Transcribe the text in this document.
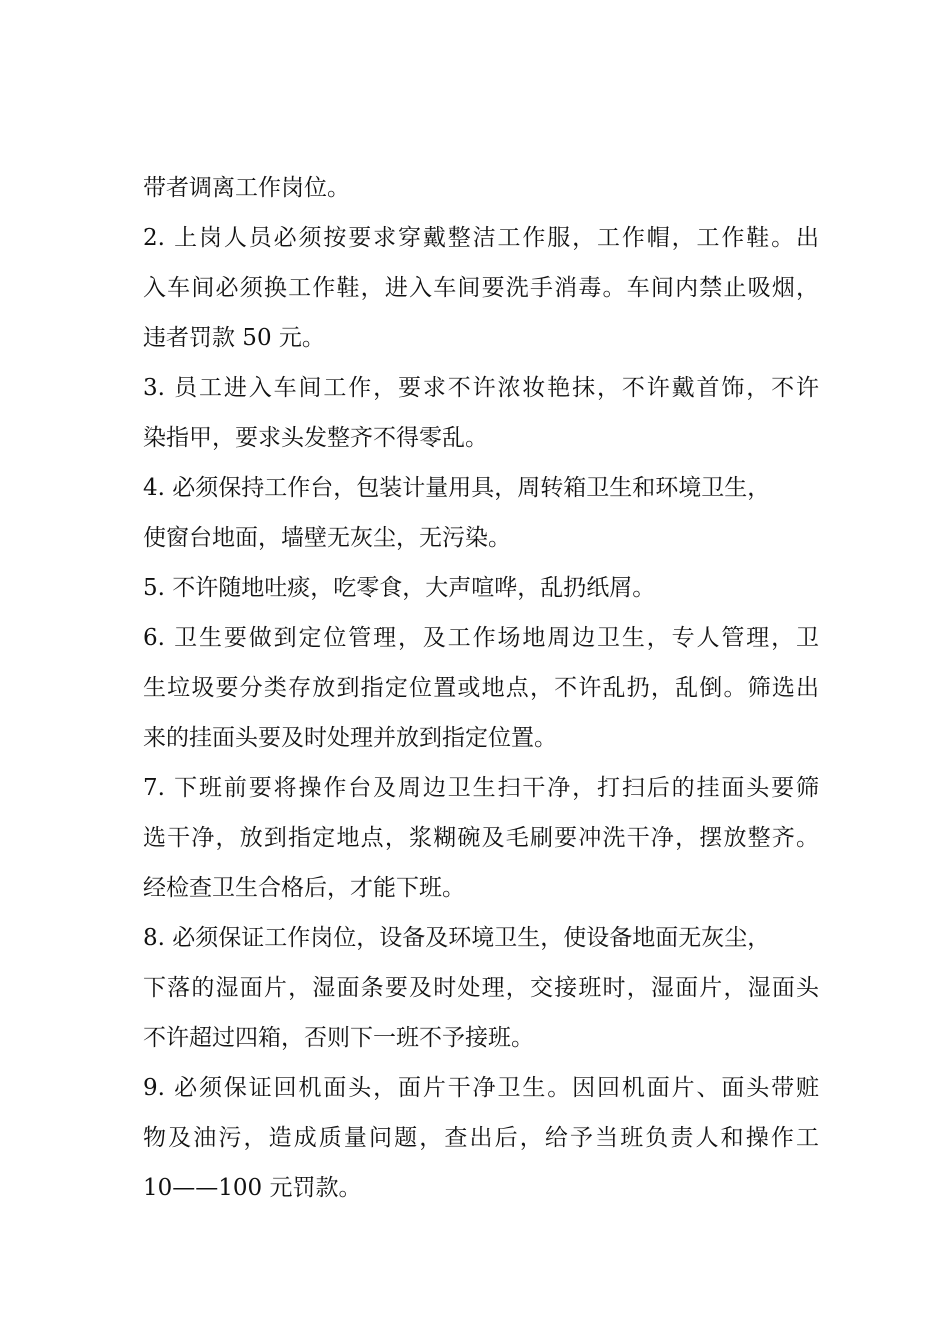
带者调离工作岗位。
2. 上岗人员必须按要求穿戴整洁工作服，工作帽，工作鞋。出
入车间必须换工作鞋，进入车间要洗手消毒。车间内禁止吸烟，
违者罚款 50 元。
3. 员工进入车间工作，要求不许浓妆艳抹，不许戴首饰，不许
染指甲，要求头发整齐不得零乱。
4. 必须保持工作台，包装计量用具，周转箱卫生和环境卫生，
使窗台地面，墙壁无灰尘，无污染。
5. 不许随地吐痰，吃零食，大声喧哗，乱扔纸屑。
6. 卫生要做到定位管理，及工作场地周边卫生，专人管理，卫
生垃圾要分类存放到指定位置或地点，不许乱扔，乱倒。筛选出
来的挂面头要及时处理并放到指定位置。
7. 下班前要将操作台及周边卫生扫干净，打扫后的挂面头要筛
选干净，放到指定地点，浆糊碗及毛刷要冲洗干净，摆放整齐。
经检查卫生合格后，才能下班。
8. 必须保证工作岗位，设备及环境卫生，使设备地面无灰尘，
下落的湿面片，湿面条要及时处理，交接班时，湿面片，湿面头
不许超过四箱，否则下一班不予接班。
9. 必须保证回机面头，面片干净卫生。因回机面片、面头带赃
物及油污，造成质量问题，查出后，给予当班负责人和操作工
10——100 元罚款。
